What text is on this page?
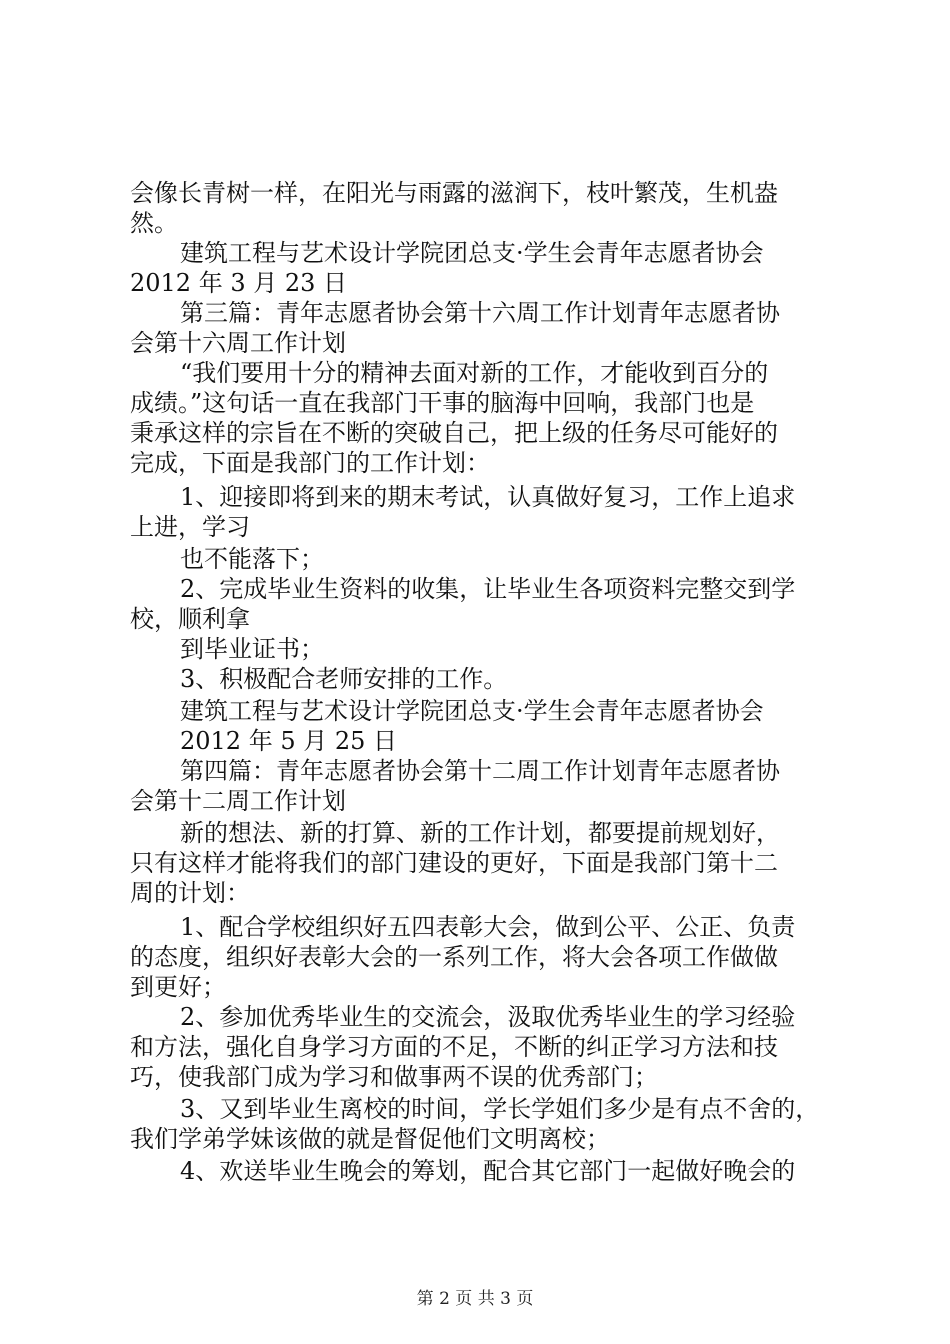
会像长青树一样，在阳光与雨露的滋润下，枝叶繁茂，生机盎
然。
建筑工程与艺术设计学院团总支·学生会青年志愿者协会
2012 年 3 月 23 日
第三篇：青年志愿者协会第十六周工作计划青年志愿者协
会第十六周工作计划
“我们要用十分的精神去面对新的工作，才能收到百分的
成绩。”这句话一直在我部门干事的脑海中回响，我部门也是
秉承这样的宗旨在不断的突破自己，把上级的任务尽可能好的
完成，下面是我部门的工作计划：
1、迎接即将到来的期末考试，认真做好复习，工作上追求
上进，学习
也不能落下；
2、完成毕业生资料的收集，让毕业生各项资料完整交到学
校，顺利拿
到毕业证书；
3、积极配合老师安排的工作。
建筑工程与艺术设计学院团总支·学生会青年志愿者协会
2012 年 5 月 25 日
第四篇：青年志愿者协会第十二周工作计划青年志愿者协
会第十二周工作计划
新的想法、新的打算、新的工作计划，都要提前规划好，
只有这样才能将我们的部门建设的更好，下面是我部门第十二
周的计划：
1、配合学校组织好五四表彰大会，做到公平、公正、负责
的态度，组织好表彰大会的一系列工作，将大会各项工作做做
到更好；
2、参加优秀毕业生的交流会，汲取优秀毕业生的学习经验
和方法，强化自身学习方面的不足，不断的纠正学习方法和技
巧，使我部门成为学习和做事两不误的优秀部门；
3、又到毕业生离校的时间，学长学姐们多少是有点不舍的，
我们学弟学妹该做的就是督促他们文明离校；
4、欢送毕业生晚会的筹划，配合其它部门一起做好晚会的
第 2 页 共 3 页
